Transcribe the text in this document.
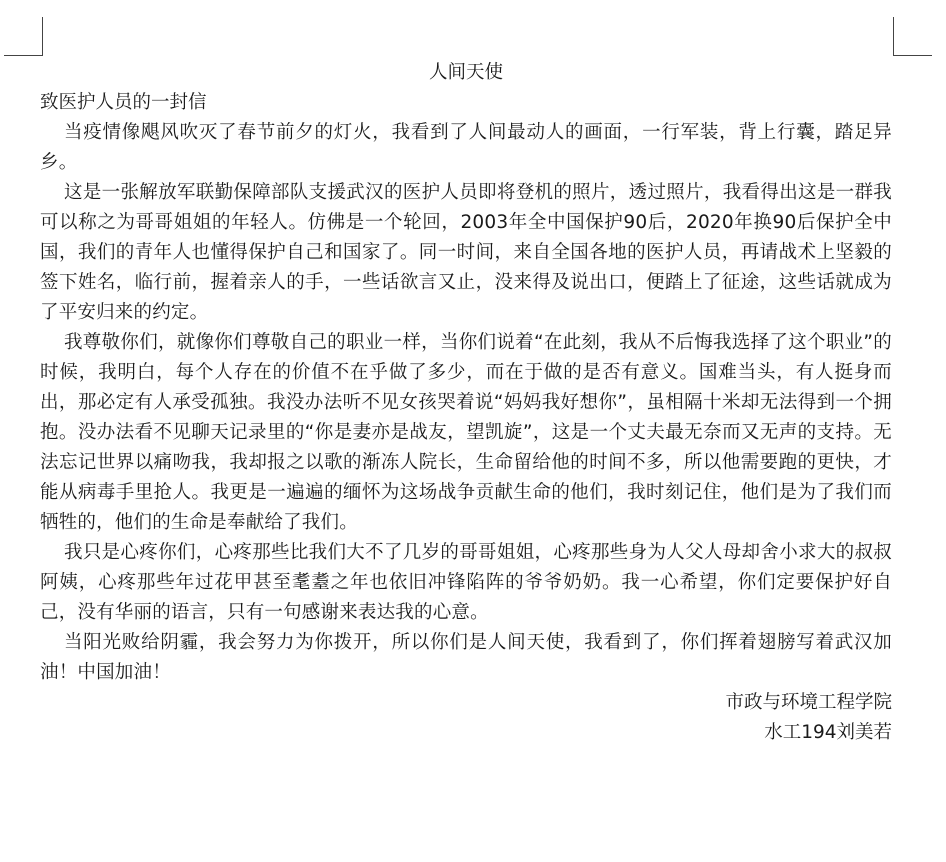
人间天使

致医护人员的一封信

当疫情像飓风吹灭了春节前夕的灯火，我看到了人间最动人的画面，一行军装，背上行囊，踏足异乡。

这是一张解放军联勤保障部队支援武汉的医护人员即将登机的照片，透过照片，我看得出这是一群我可以称之为哥哥姐姐的年轻人。仿佛是一个轮回，2003年全中国保护90后，2020年换90后保护全中国，我们的青年人也懂得保护自己和国家了。同一时间，来自全国各地的医护人员，再请战术上坚毅的签下姓名，临行前，握着亲人的手，一些话欲言又止，没来得及说出口，便踏上了征途，这些话就成为了平安归来的约定。

我尊敬你们，就像你们尊敬自己的职业一样，当你们说着“在此刻，我从不后悔我选择了这个职业”的时候，我明白，每个人存在的价值不在乎做了多少，而在于做的是否有意义。国难当头，有人挺身而出，那必定有人承受孤独。我没办法听不见女孩哭着说“妈妈我好想你”，虽相隔十米却无法得到一个拥抱。没办法看不见聊天记录里的“你是妻亦是战友，望凯旋”，这是一个丈夫最无奈而又无声的支持。无法忘记世界以痛吻我，我却报之以歌的渐冻人院长，生命留给他的时间不多，所以他需要跑的更快，才能从病毒手里抢人。我更是一遍遍的缅怀为这场战争贡献生命的他们，我时刻记住，他们是为了我们而牺牲的，他们的生命是奉献给了我们。

我只是心疼你们，心疼那些比我们大不了几岁的哥哥姐姐，心疼那些身为人父人母却舍小求大的叔叔阿姨，心疼那些年过花甲甚至耄耋之年也依旧冲锋陷阵的爷爷奶奶。我一心希望，你们定要保护好自己，没有华丽的语言，只有一句感谢来表达我的心意。

当阳光败给阴霾，我会努力为你拨开，所以你们是人间天使，我看到了，你们挥着翅膀写着武汉加油！中国加油！

市政与环境工程学院

水工194刘美若
